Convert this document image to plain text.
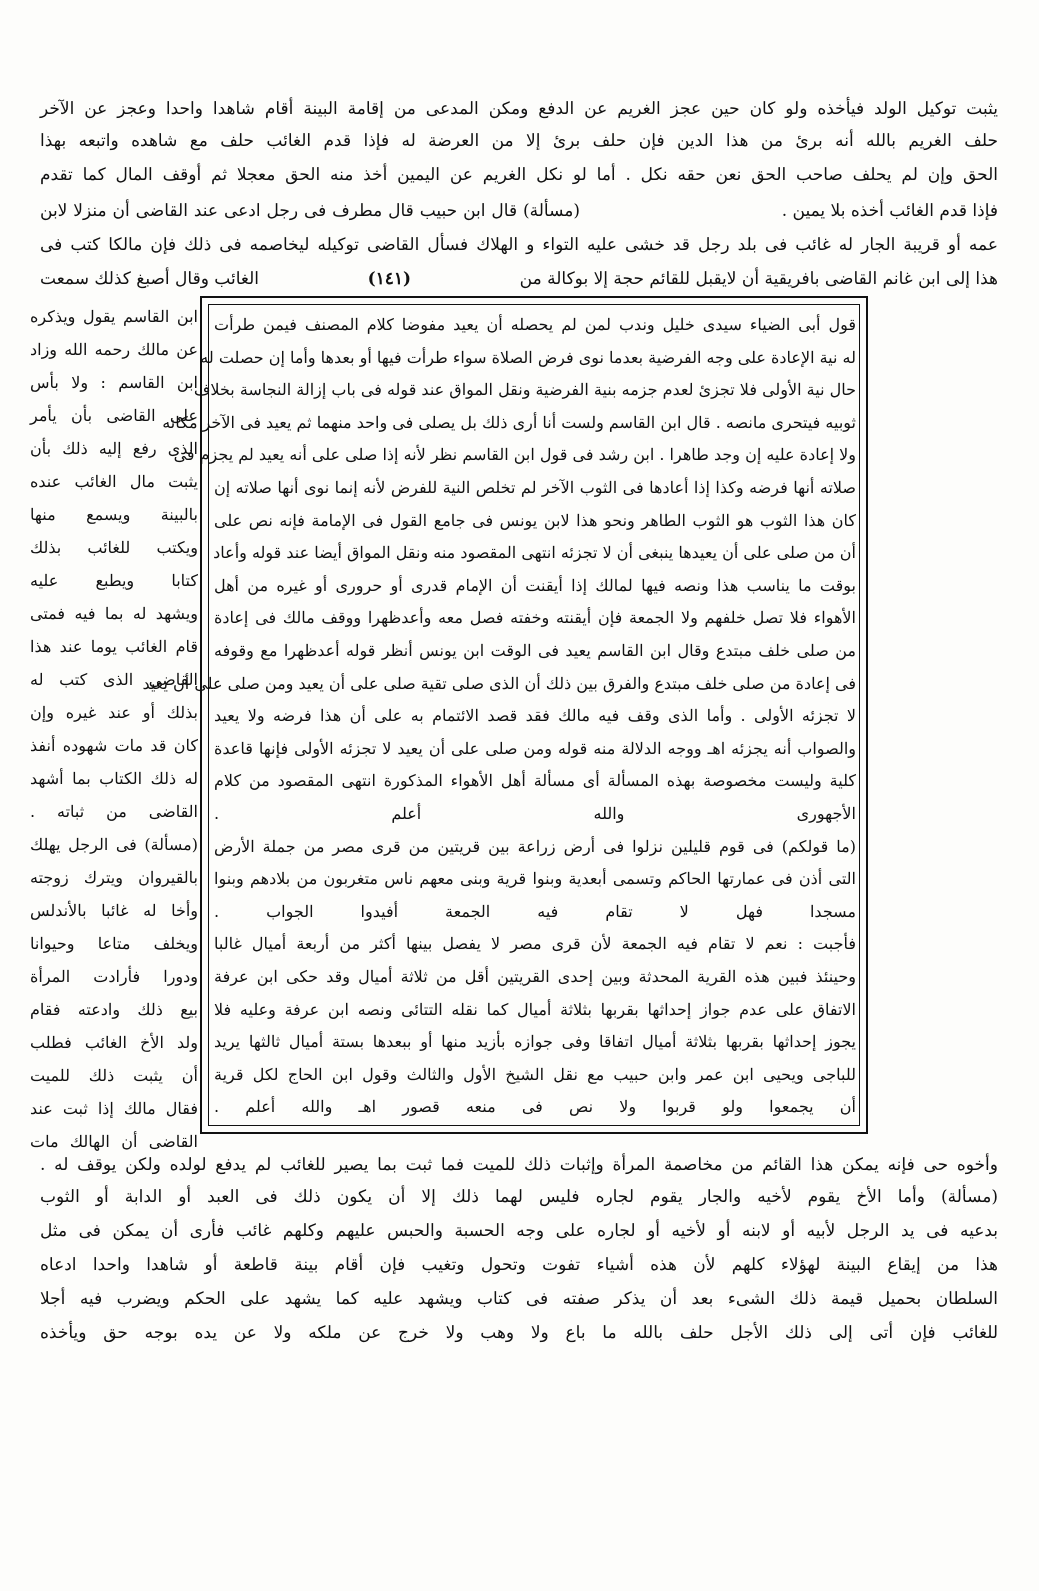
يثبت توكيل الولد فيأخذه ولو كان حين عجز الغريم عن الدفع ومكن المدعى من إقامة البينة أقام شاهدا واحدا وعجز عن الآخر
حلف الغريم بالله أنه برئ من هذا الدين فإن حلف برئ إلا من العرضة له فإذا قدم الغائب حلف مع شاهده واتبعه بهذا
الحق وإن لم يحلف صاحب الحق نعن حقه نكل . أما لو نكل الغريم عن اليمين أخذ منه الحق معجلا ثم أوقف المال كما تقدم
فإذا قدم الغائب أخذه بلا يمين .
(مسألة) قال ابن حبيب قال مطرف فى رجل ادعى عند القاضى أن منزلا لابن
عمه أو قريبة الجار له غائب فى بلد رجل قد خشى عليه التواء و الهلاك فسأل القاضى توكيله ليخاصمه فى ذلك فإن مالكا كتب فى
هذا إلى ابن غانم القاضى بافريقية أن لايقبل للقائم حجة إلا بوكالة من
(١٤١)
الغائب وقال أصبغ كذلك سمعت
قول أبى الضياء سيدى خليل وندب لمن لم يحصله أن يعيد مفوضا كلام المصنف فيمن طرأت
له نية الإعادة على وجه الفرضية بعدما نوى فرض الصلاة سواء طرأت فيها أو بعدها وأما إن حصلت له
حال نية الأولى فلا تجزئ لعدم جزمه بنية الفرضية ونقل المواق عند قوله فى باب إزالة النجاسة بخلاف
ثوبيه فيتحرى مانصه . قال ابن القاسم ولست أنا أرى ذلك بل يصلى فى واحد منهما ثم يعيد فى الآخر مكانه
ولا إعادة عليه إن وجد طاهرا . ابن رشد فى قول ابن القاسم نظر لأنه إذا صلى على أنه يعيد لم يجزم فى
صلاته أنها فرضه وكذا إذا أعادها فى الثوب الآخر لم تخلص النية للفرض لأنه إنما نوى أنها صلاته إن
كان هذا الثوب هو الثوب الطاهر ونحو هذا لابن يونس فى جامع القول فى الإمامة فإنه نص على
أن من صلى على أن يعيدها ينبغى أن لا تجزئه انتهى المقصود منه ونقل المواق أيضا عند قوله وأعاد
بوقت ما يناسب هذا ونصه فيها لمالك إذا أيقنت أن الإمام قدرى أو حرورى أو غيره من أهل
الأهواء فلا تصل خلفهم ولا الجمعة فإن أيقنته وخفته فصل معه وأعدظهرا ووقف مالك فى إعادة
من صلى خلف مبتدع وقال ابن القاسم يعيد فى الوقت ابن يونس أنظر قوله أعدظهرا مع وقوفه
فى إعادة من صلى خلف مبتدع والفرق بين ذلك أن الذى صلى تقية صلى على أن يعيد ومن صلى على أن يعيد
لا تجزئه الأولى . وأما الذى وقف فيه مالك فقد قصد الائتمام به على أن هذا فرضه ولا يعيد
والصواب أنه يجزئه اهـ ووجه الدلالة منه قوله ومن صلى على أن يعيد لا تجزئه الأولى فإنها قاعدة
كلية وليست مخصوصة بهذه المسألة أى مسألة أهل الأهواء المذكورة انتهى المقصود من كلام
الأجهورى والله أعلم .
(ما قولكم) فى قوم قليلين نزلوا فى أرض زراعة بين قريتين من قرى مصر من جملة الأرض
التى أذن فى عمارتها الحاكم وتسمى أبعدية وبنوا قرية وبنى معهم ناس متغربون من بلادهم وبنوا
مسجدا فهل لا تقام فيه الجمعة أفيدوا الجواب .
فأجبت : نعم لا تقام فيه الجمعة لأن قرى مصر لا يفصل بينها أكثر من أربعة أميال غالبا
وحينئذ فبين هذه القرية المحدثة وبين إحدى القريتين أقل من ثلاثة أميال وقد حكى ابن عرفة
الاتفاق على عدم جواز إحداثها بقربها بثلاثة أميال كما نقله التتائى ونصه ابن عرفة وعليه فلا
يجوز إحداثها بقربها بثلاثة أميال اتفاقا وفى جوازه بأزيد منها أو ببعدها بستة أميال ثالثها يريد
للباجى ويحيى ابن عمر وابن حبيب مع نقل الشيخ الأول والثالث وقول ابن الحاج لكل قرية
أن يجمعوا ولو قربوا ولا نص فى منعه قصور اهـ والله أعلم .
ابن القاسم يقول ويذكره
عن مالك رحمه الله وزاد
ابن القاسم : ولا بأس
على القاضى بأن يأمر
الذى رفع إليه ذلك بأن
يثبت مال الغائب عنده
بالبينة ويسمع منها
ويكتب للغائب بذلك
كتابا ويطبع عليه
ويشهد له بما فيه فمتى
قام الغائب يوما عند هذا
القاضى الذى كتب له
بذلك أو عند غيره وإن
كان قد مات شهوده أنفذ
له ذلك الكتاب بما أشهد
القاضى من ثباته .
(مسألة) فى الرجل يهلك
بالقيروان ويترك زوجته
وأخا له غائبا بالأندلس
ويخلف متاعا وحيوانا
ودورا فأرادت المرأة
بيع ذلك وادعته فقام
ولد الأخ الغائب فطلب
أن يثبت ذلك للميت
فقال مالك إذا ثبت عند
القاضى أن الهالك مات
وأخوه حى فإنه يمكن هذا القائم من مخاصمة المرأة وإثبات ذلك للميت فما ثبت بما يصير للغائب لم يدفع لولده ولكن يوقف له .
(مسألة) وأما الأخ يقوم لأخيه والجار يقوم لجاره فليس لهما ذلك إلا أن يكون ذلك فى العبد أو الدابة أو الثوب
بدعيه فى يد الرجل لأبيه أو لابنه أو لأخيه أو لجاره على وجه الحسبة والحبس عليهم وكلهم غائب فأرى أن يمكن فى مثل
هذا من إيقاع البينة لهؤلاء كلهم لأن هذه أشياء تفوت وتحول وتغيب فإن أقام بينة قاطعة أو شاهدا واحدا ادعاه
السلطان بحميل قيمة ذلك الشىء بعد أن يذكر صفته فى كتاب ويشهد عليه كما يشهد على الحكم ويضرب فيه أجلا
للغائب فإن أتى إلى ذلك الأجل حلف بالله ما باع ولا وهب ولا خرج عن ملكه ولا عن يده بوجه حق ويأخذه
